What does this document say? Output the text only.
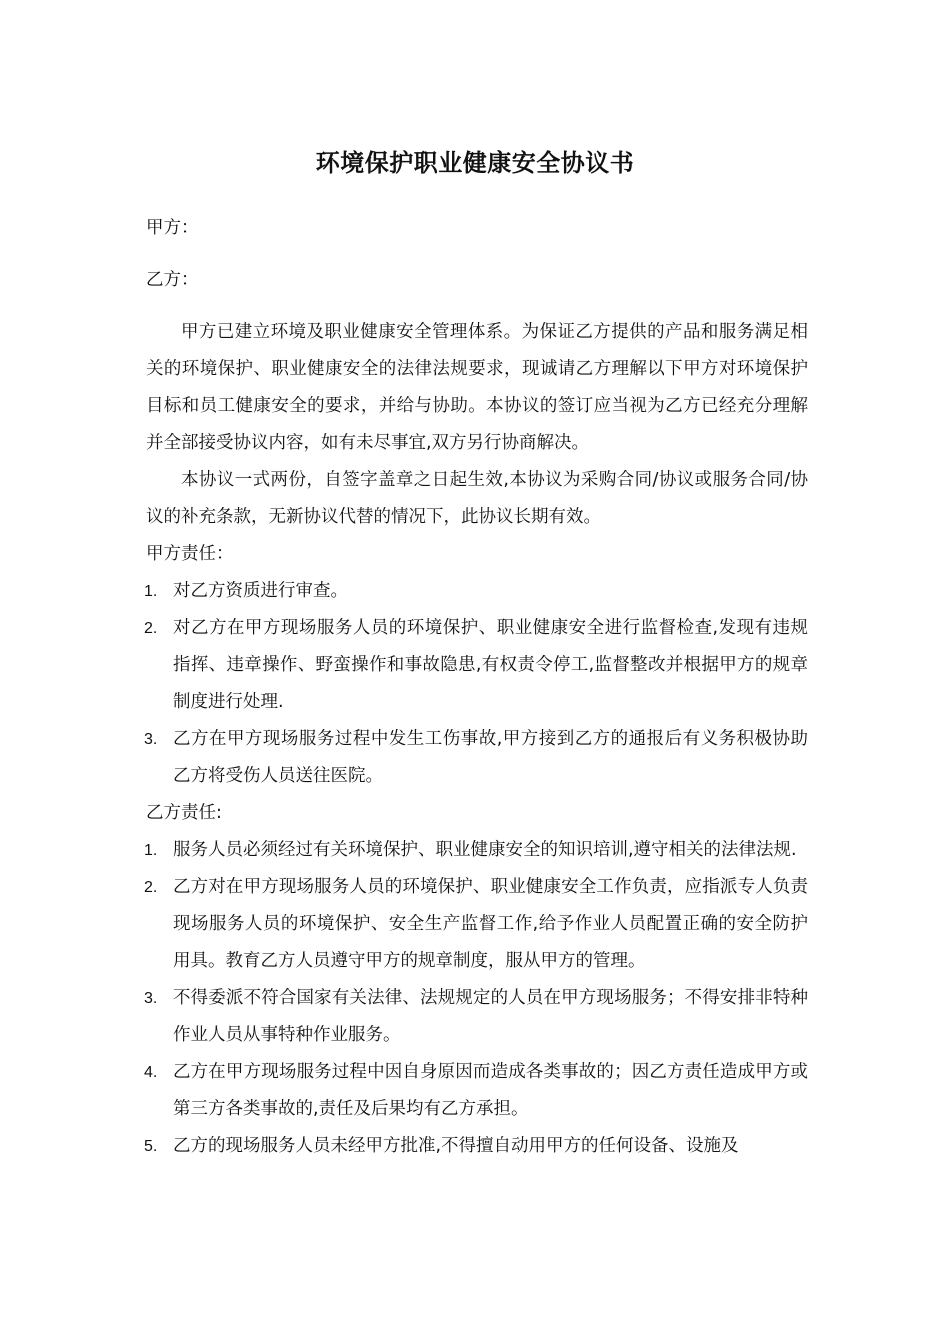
环境保护职业健康安全协议书

甲方：

乙方：

甲方已建立环境及职业健康安全管理体系。为保证乙方提供的产品和服务满足相关的环境保护、职业健康安全的法律法规要求，现诚请乙方理解以下甲方对环境保护目标和员工健康安全的要求，并给与协助。本协议的签订应当视为乙方已经充分理解并全部接受协议内容，如有未尽事宜,双方另行协商解决。

本协议一式两份，自签字盖章之日起生效,本协议为采购合同/协议或服务合同/协议的补充条款，无新协议代替的情况下，此协议长期有效。

甲方责任：

1. 对乙方资质进行审查。
2. 对乙方在甲方现场服务人员的环境保护、职业健康安全进行监督检查,发现有违规指挥、违章操作、野蛮操作和事故隐患,有权责令停工,监督整改并根据甲方的规章制度进行处理.
3. 乙方在甲方现场服务过程中发生工伤事故,甲方接到乙方的通报后有义务积极协助乙方将受伤人员送往医院。

乙方责任:

1. 服务人员必须经过有关环境保护、职业健康安全的知识培训,遵守相关的法律法规.
2. 乙方对在甲方现场服务人员的环境保护、职业健康安全工作负责，应指派专人负责现场服务人员的环境保护、安全生产监督工作,给予作业人员配置正确的安全防护用具。教育乙方人员遵守甲方的规章制度，服从甲方的管理。
3. 不得委派不符合国家有关法律、法规规定的人员在甲方现场服务；不得安排非特种作业人员从事特种作业服务。
4. 乙方在甲方现场服务过程中因自身原因而造成各类事故的；因乙方责任造成甲方或第三方各类事故的,责任及后果均有乙方承担。
5. 乙方的现场服务人员未经甲方批准,不得擅自动用甲方的任何设备、设施及
